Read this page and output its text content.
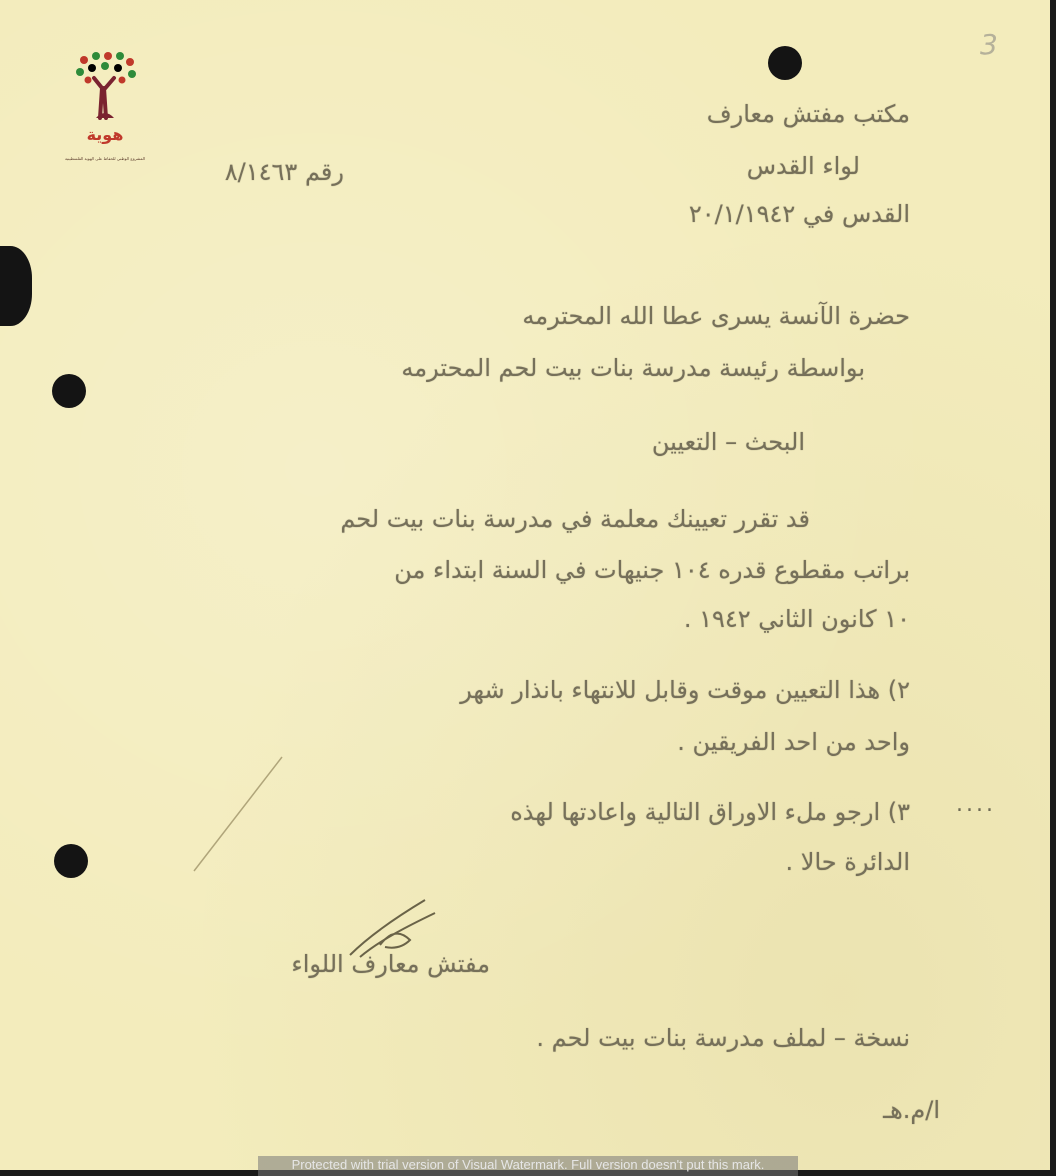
هوية
المشروع الوطني للحفاظ على الهوية الفلسطينية
3
مكتب مفتش معارف
لواء القدس
القدس في ٢٠/١/١٩٤٢
رقم ٨/١٤٦٣
حضرة الآنسة يسرى عطا الله المحترمه
بواسطة رئيسة مدرسة بنات بيت لحم المحترمه
البحث – التعيين
قد تقرر تعيينك معلمة في مدرسة بنات بيت لحم
براتب مقطوع قدره ١٠٤ جنيهات في السنة ابتداء من
١٠ كانون الثاني ١٩٤٢ .
٢) هذا التعيين موقت وقابل للانتهاء بانذار شهر
واحد من احد الفريقين .
٣) ارجو ملء الاوراق التالية واعادتها لهذه
الدائرة حالا .
....
مفتش معارف اللواء
نسخة – لملف مدرسة بنات بيت لحم .
ا/م.هـ
Protected with trial version of Visual Watermark. Full version doesn't put this mark.
